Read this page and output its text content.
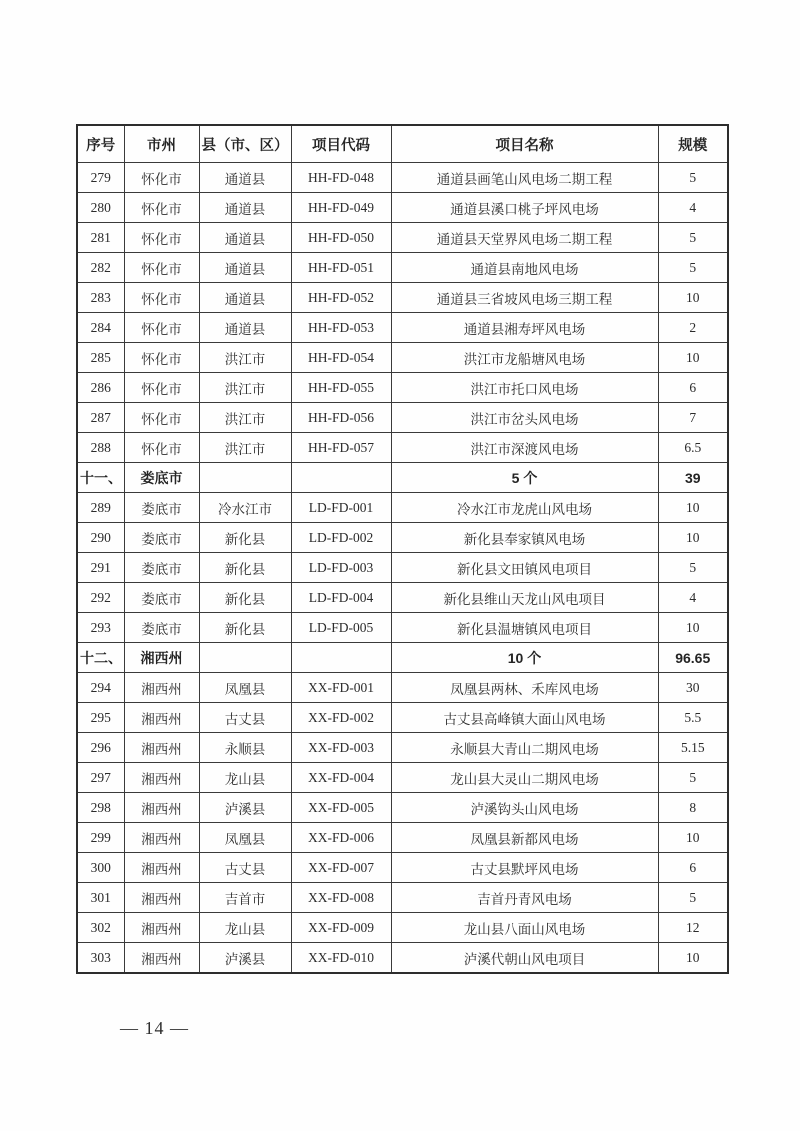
序号	市州	县（市、区）	项目代码	项目名称	规模
279	怀化市	通道县	HH-FD-048	通道县画笔山风电场二期工程	5
280	怀化市	通道县	HH-FD-049	通道县溪口桃子坪风电场	4
281	怀化市	通道县	HH-FD-050	通道县天堂界风电场二期工程	5
282	怀化市	通道县	HH-FD-051	通道县南地风电场	5
283	怀化市	通道县	HH-FD-052	通道县三省坡风电场三期工程	10
284	怀化市	通道县	HH-FD-053	通道县湘寿坪风电场	2
285	怀化市	洪江市	HH-FD-054	洪江市龙船塘风电场	10
286	怀化市	洪江市	HH-FD-055	洪江市托口风电场	6
287	怀化市	洪江市	HH-FD-056	洪江市岔头风电场	7
288	怀化市	洪江市	HH-FD-057	洪江市深渡风电场	6.5
十一、	娄底市			5 个	39
289	娄底市	冷水江市	LD-FD-001	冷水江市龙虎山风电场	10
290	娄底市	新化县	LD-FD-002	新化县奉家镇风电场	10
291	娄底市	新化县	LD-FD-003	新化县文田镇风电项目	5
292	娄底市	新化县	LD-FD-004	新化县维山天龙山风电项目	4
293	娄底市	新化县	LD-FD-005	新化县温塘镇风电项目	10
十二、	湘西州			10 个	96.65
294	湘西州	凤凰县	XX-FD-001	凤凰县两林、禾库风电场	30
295	湘西州	古丈县	XX-FD-002	古丈县高峰镇大面山风电场	5.5
296	湘西州	永顺县	XX-FD-003	永顺县大青山二期风电场	5.15
297	湘西州	龙山县	XX-FD-004	龙山县大灵山二期风电场	5
298	湘西州	泸溪县	XX-FD-005	泸溪钩头山风电场	8
299	湘西州	凤凰县	XX-FD-006	凤凰县新都风电场	10
300	湘西州	古丈县	XX-FD-007	古丈县默坪风电场	6
301	湘西州	吉首市	XX-FD-008	吉首丹青风电场	5
302	湘西州	龙山县	XX-FD-009	龙山县八面山风电场	12
303	湘西州	泸溪县	XX-FD-010	泸溪代朝山风电项目	10
— 14 —
